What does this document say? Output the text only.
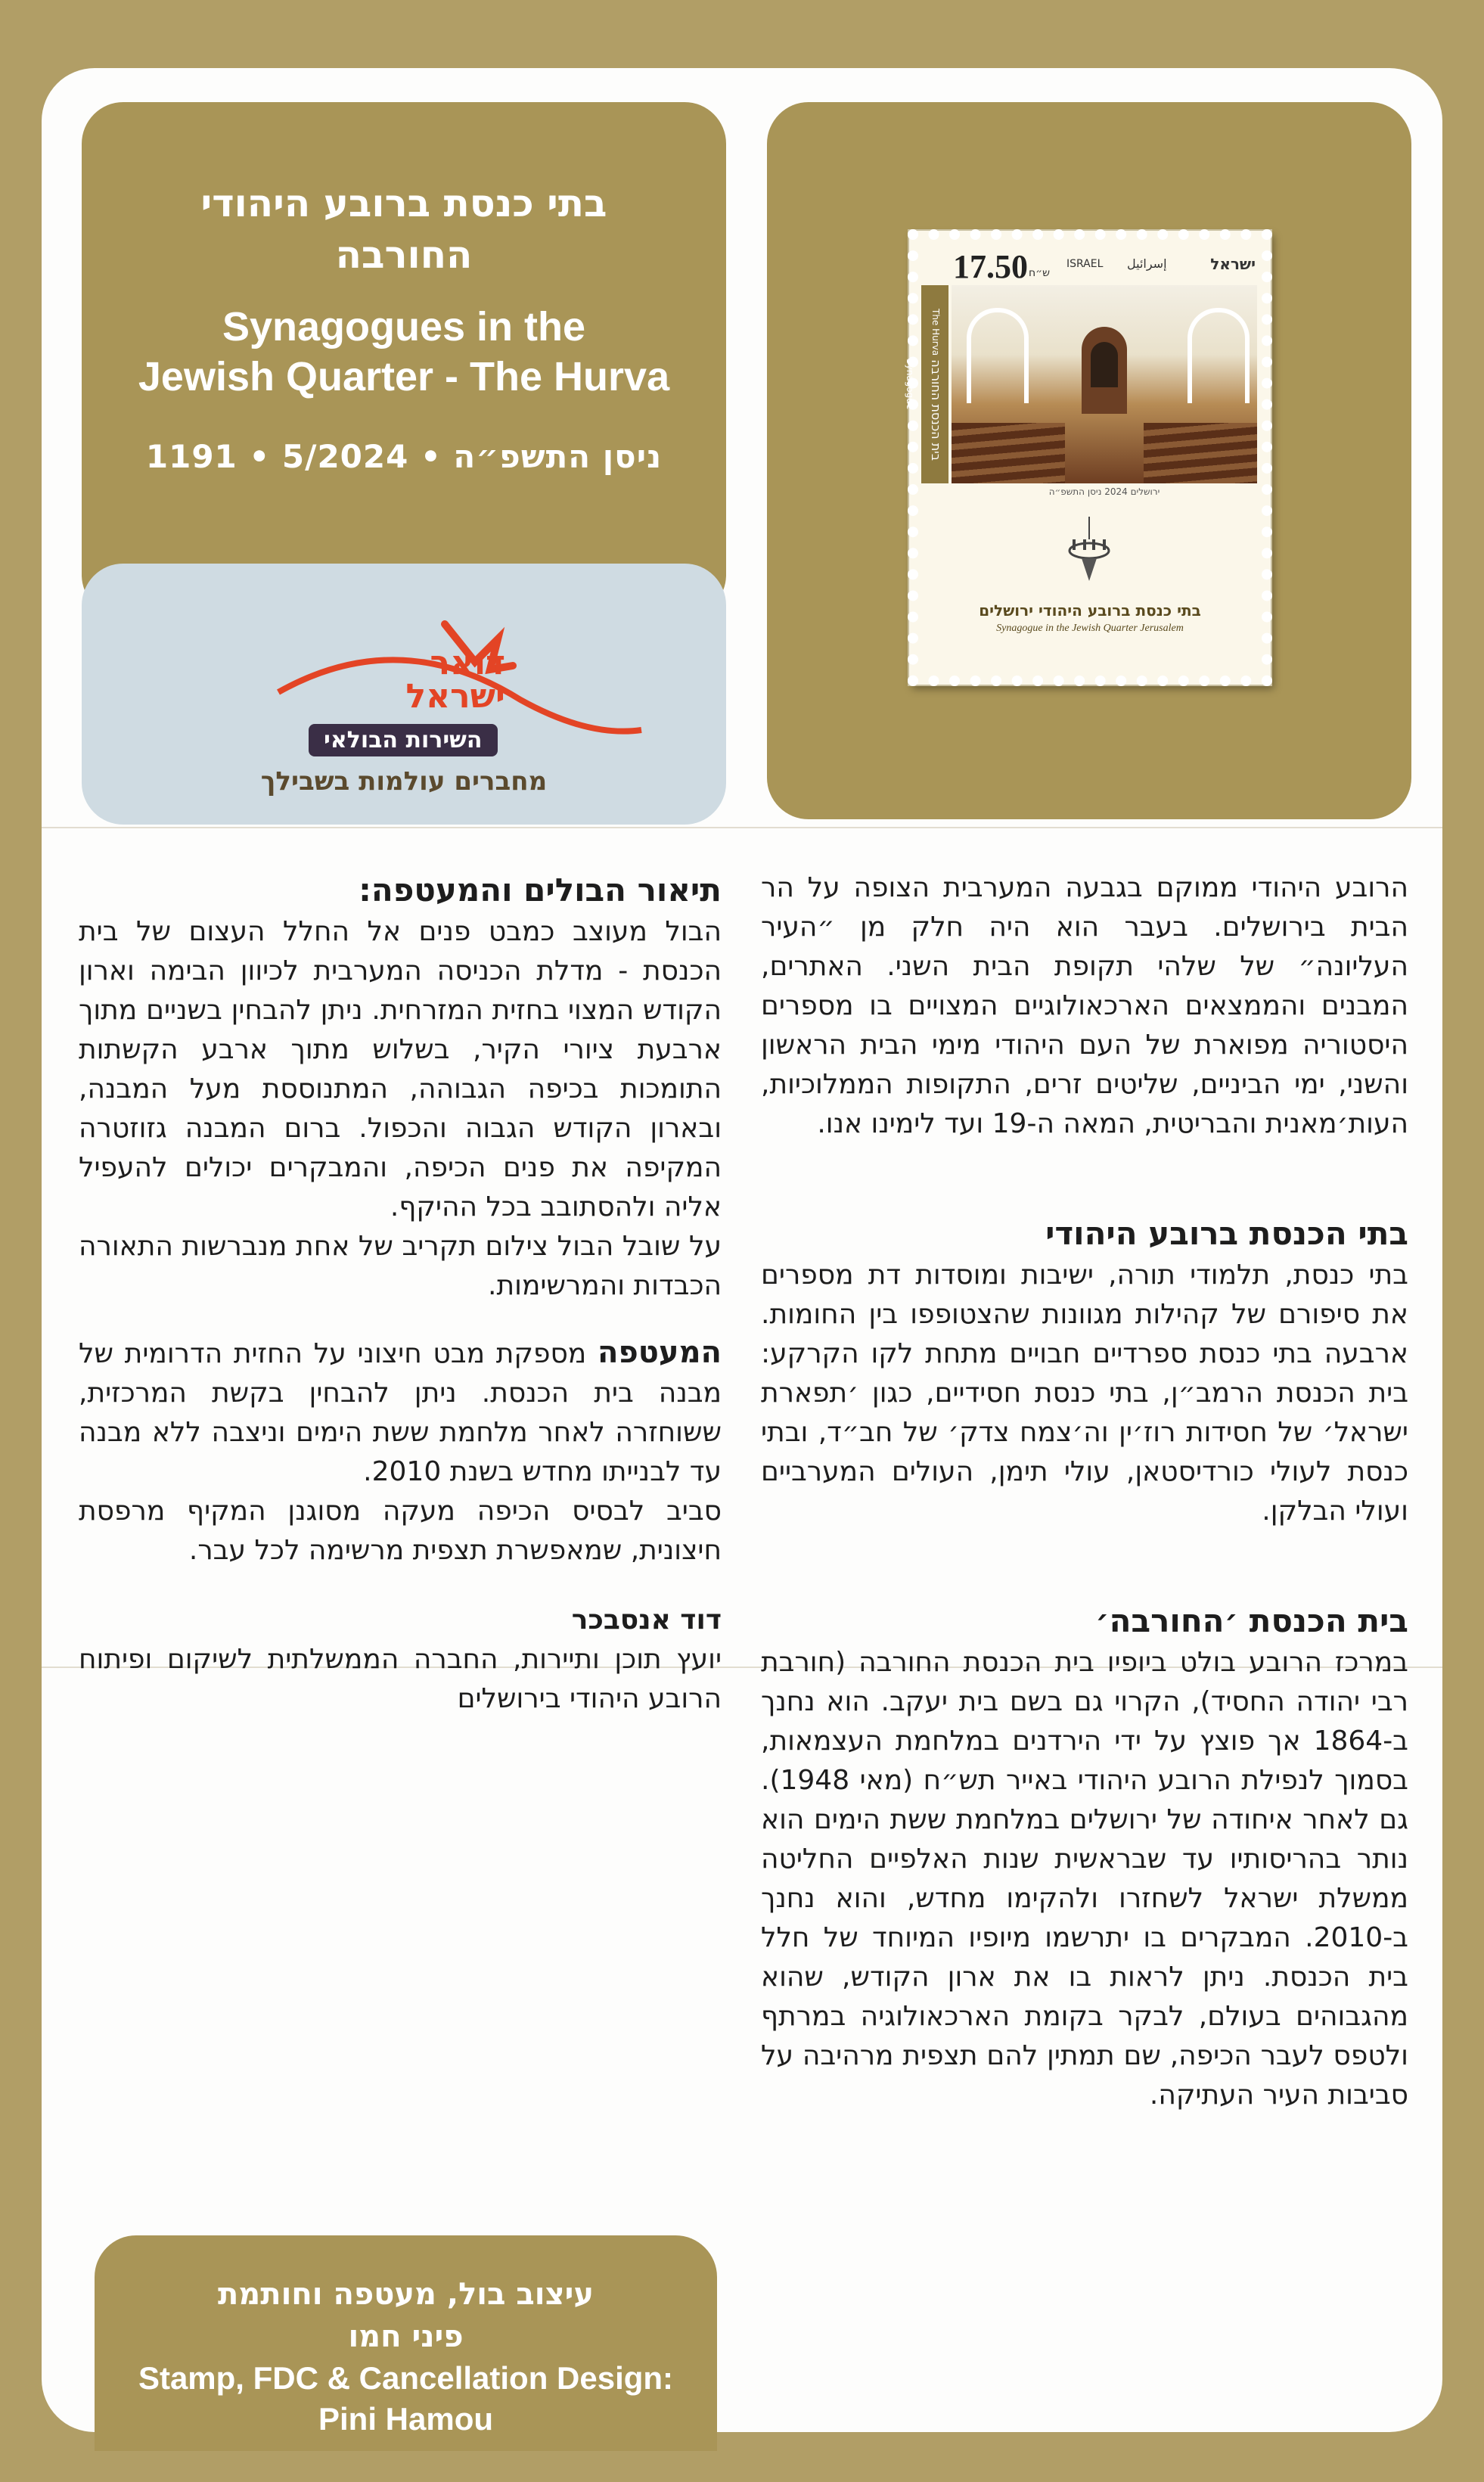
בתי כנסת ברובע היהודי
החורבה
Synagogues in the
Jewish Quarter - The Hurva
ניסן התשפ״ה • 5/2024 • 1191
דואר
ישראל
השירות הבולאי
מחברים עולמות בשבילך
17.50 ש״ח
ISRAEL إسرائيل	ישראל
בית הכנסת החורבה The Hurva Synagogue
ירושלים 2024 ניסן התשפ״ה
בתי כנסת ברובע היהודי ירושלים
Synagogue in the Jewish Quarter Jerusalem

הרובע היהודי ממוקם בגבעה המערבית הצופה על הר הבית בירושלים. בעבר הוא היה חלק מן ״העיר העליונה״ של שלהי תקופת הבית השני. האתרים, המבנים והממצאים הארכאולוגיים המצויים בו מספרים היסטוריה מפוארת של העם היהודי מימי הבית הראשון והשני, ימי הביניים, שליטים זרים, התקופות הממלוכיות, העות׳מאנית והבריטית, המאה ה-19 ועד לימינו אנו.

בתי הכנסת ברובע היהודי

בתי כנסת, תלמודי תורה, ישיבות ומוסדות דת מספרים את סיפורם של קהילות מגוונות שהצטופפו בין החומות. ארבעה בתי כנסת ספרדיים חבויים מתחת לקו הקרקע: בית הכנסת הרמב״ן, בתי כנסת חסידיים, כגון ׳תפארת ישראל׳ של חסידות רוז׳ין וה׳צמח צדק׳ של חב״ד, ובתי כנסת לעולי כורדיסטאן, עולי תימן, העולים המערביים ועולי הבלקן.

בית הכנסת ׳החורבה׳

במרכז הרובע בולט ביופיו בית הכנסת החורבה (חורבת רבי יהודה החסיד), הקרוי גם בשם בית יעקב. הוא נחנך ב-1864 אך פוצץ על ידי הירדנים במלחמת העצמאות, בסמוך לנפילת הרובע היהודי באייר תש״ח (מאי 1948). גם לאחר איחודה של ירושלים במלחמת ששת הימים הוא נותר בהריסותיו עד שבראשית שנות האלפיים החליטה ממשלת ישראל לשחזרו ולהקימו מחדש, והוא נחנך ב-2010. המבקרים בו יתרשמו מיופיו המיוחד של חלל בית הכנסת. ניתן לראות בו את ארון הקודש, שהוא מהגבוהים בעולם, לבקר בקומת הארכאולוגיה במרתף ולטפס לעבר הכיפה, שם תמתין להם תצפית מרהיבה על סביבות העיר העתיקה.

תיאור הבולים והמעטפה:

הבול מעוצב כמבט פנים אל החלל העצום של בית הכנסת - מדלת הכניסה המערבית לכיוון הבימה וארון הקודש המצוי בחזית המזרחית. ניתן להבחין בשניים מתוך ארבעת ציורי הקיר, בשלוש מתוך ארבע הקשתות התומכות בכיפה הגבוהה, המתנוססת מעל המבנה, ובארון הקודש הגבוה והכפול. ברום המבנה גזוזטרה המקיפה את פנים הכיפה, והמבקרים יכולים להעפיל אליה ולהסתובב בכל ההיקף.

על שובל הבול צילום תקריב של אחת מנברשות התאורה הכבדות והמרשימות.

המעטפה מספקת מבט חיצוני על החזית הדרומית של מבנה בית הכנסת. ניתן להבחין בקשת המרכזית, ששוחזרה לאחר מלחמת ששת הימים וניצבה ללא מבנה עד לבנייתו מחדש בשנת 2010.

סביב לבסיס הכיפה מעקה מסוגנן המקיף מרפסת חיצונית, שמאפשרת תצפית מרשימה לכל עבר.

דוד אנסבכר

יועץ תוכן ותיירות, החברה הממשלתית לשיקום ופיתוח הרובע היהודי בירושלים

עיצוב בול, מעטפה וחותמת
פיני חמו
Stamp, FDC & Cancellation Design:
Pini Hamou
